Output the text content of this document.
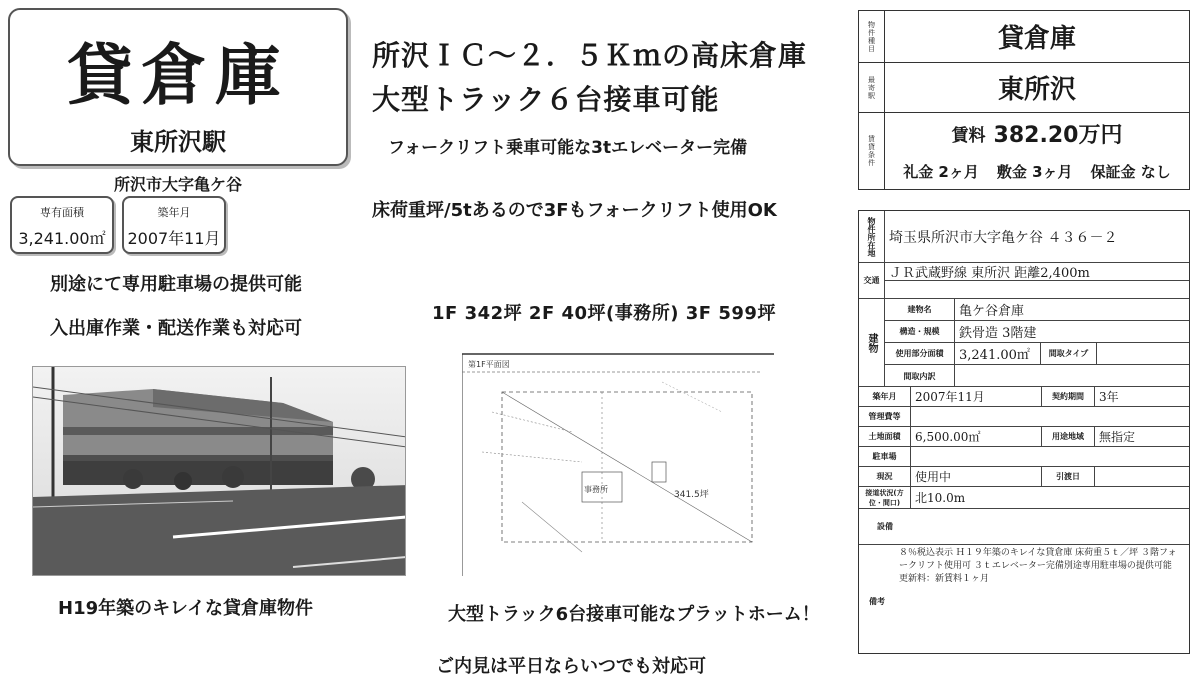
貸倉庫
東所沢駅
所沢市大字亀ケ谷
専有面積
3,241.00㎡
築年月
2007年11月
別途にて専用駐車場の提供可能
入出庫作業・配送作業も対応可
H19年築のキレイな貸倉庫物件
所沢ＩＣ～２．５Ｋｍの高床倉庫
大型トラック６台接車可能
フォークリフト乗車可能な3tエレベーター完備
床荷重坪/5tあるので3Fもフォークリフト使用OK
1F 342坪 2F 40坪(事務所) 3F 599坪
第1F平面図
事務所
341.5坪
大型トラック6台接車可能なプラットホーム！
ご内見は平日ならいつでも対応可
物件種目	貸倉庫
最寄駅	東所沢
賃貸条件	賃料 382.20万円
礼金 2ヶ月 敷金 3ヶ月 保証金 なし
物件所在地 埼玉県所沢市大字亀ケ谷 ４３６－２
交通 ＪＲ武蔵野線 東所沢 距離2,400m
建物
建物名	亀ケ谷倉庫
構造・規模	鉄骨造 3階建
使用部分面積	3,241.00㎡	間取タイプ
間取内訳
築年月	2007年11月	契約期間	3年
管理費等
土地面積	6,500.00㎡	用途地域	無指定
駐車場
現況	使用中	引渡日
接道状況(方位・間口)	北10.0m
設備
備考
８％税込表示 Ｈ１９年築のキレイな貸倉庫 床荷重５ｔ／坪 ３階フォークリフト使用可 ３ｔエレベーター完備別途専用駐車場の提供可能 更新料：新賃料１ヶ月
